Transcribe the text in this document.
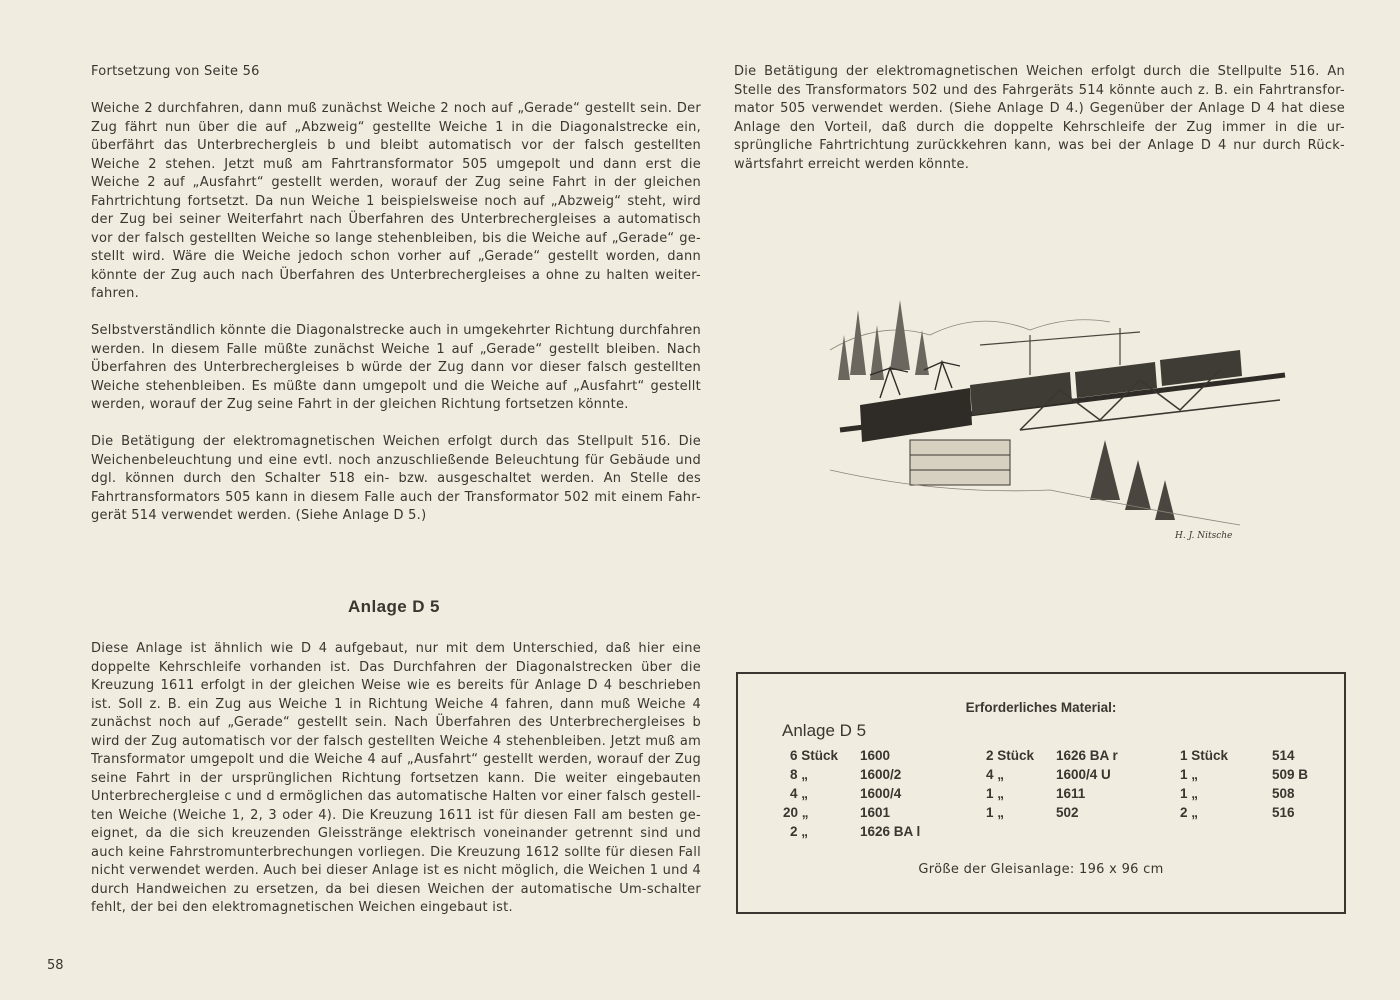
Fortsetzung von Seite 56

Weiche 2 durchfahren, dann muß zunächst Weiche 2 noch auf „Gerade“ gestellt sein. Der Zug fährt nun über die auf „Abzweig“ gestellte Weiche 1 in die Diagonalstrecke ein, überfährt das Unterbrechergleis b und bleibt automatisch vor der falsch gestellten Weiche 2 stehen. Jetzt muß am Fahrtransformator 505 umgepolt und dann erst die Weiche 2 auf „Ausfahrt“ gestellt werden, worauf der Zug seine Fahrt in der gleichen Fahrtrichtung fortsetzt. Da nun Weiche 1 beispielsweise noch auf „Abzweig“ steht, wird der Zug bei seiner Weiterfahrt nach Überfahren des Unterbrechergleises a automatisch vor der falsch gestellten Weiche so lange stehenbleiben, bis die Weiche auf „Gerade“ ge-stellt wird. Wäre die Weiche jedoch schon vorher auf „Gerade“ gestellt worden, dann könnte der Zug auch nach Überfahren des Unterbrechergleises a ohne zu halten weiter-fahren.

Selbstverständlich könnte die Diagonalstrecke auch in umgekehrter Richtung durchfahren werden. In diesem Falle müßte zunächst Weiche 1 auf „Gerade“ gestellt bleiben. Nach Überfahren des Unterbrechergleises b würde der Zug dann vor dieser falsch gestellten Weiche stehenbleiben. Es müßte dann umgepolt und die Weiche auf „Ausfahrt“ gestellt werden, worauf der Zug seine Fahrt in der gleichen Richtung fortsetzen könnte.

Die Betätigung der elektromagnetischen Weichen erfolgt durch das Stellpult 516. Die Weichenbeleuchtung und eine evtl. noch anzuschließende Beleuchtung für Gebäude und dgl. können durch den Schalter 518 ein- bzw. ausgeschaltet werden. An Stelle des Fahrtransformators 505 kann in diesem Falle auch der Transformator 502 mit einem Fahr-gerät 514 verwendet werden. (Siehe Anlage D 5.)

Anlage D 5

Diese Anlage ist ähnlich wie D 4 aufgebaut, nur mit dem Unterschied, daß hier eine doppelte Kehrschleife vorhanden ist. Das Durchfahren der Diagonalstrecken über die Kreuzung 1611 erfolgt in der gleichen Weise wie es bereits für Anlage D 4 beschrieben ist. Soll z. B. ein Zug aus Weiche 1 in Richtung Weiche 4 fahren, dann muß Weiche 4 zunächst noch auf „Gerade“ gestellt sein. Nach Überfahren des Unterbrechergleises b wird der Zug automatisch vor der falsch gestellten Weiche 4 stehenbleiben. Jetzt muß am Transformator umgepolt und die Weiche 4 auf „Ausfahrt“ gestellt werden, worauf der Zug seine Fahrt in der ursprünglichen Richtung fortsetzen kann. Die weiter eingebauten Unterbrechergleise c und d ermöglichen das automatische Halten vor einer falsch gestell-ten Weiche (Weiche 1, 2, 3 oder 4). Die Kreuzung 1611 ist für diesen Fall am besten ge-eignet, da die sich kreuzenden Gleisstränge elektrisch voneinander getrennt sind und auch keine Fahrstromunterbrechungen vorliegen. Die Kreuzung 1612 sollte für diesen Fall nicht verwendet werden. Auch bei dieser Anlage ist es nicht möglich, die Weichen 1 und 4 durch Handweichen zu ersetzen, da bei diesen Weichen der automatische Um-schalter fehlt, der bei den elektromagnetischen Weichen eingebaut ist.

Die Betätigung der elektromagnetischen Weichen erfolgt durch die Stellpulte 516. An Stelle des Transformators 502 und des Fahrgeräts 514 könnte auch z. B. ein Fahrtransfor-mator 505 verwendet werden. (Siehe Anlage D 4.) Gegenüber der Anlage D 4 hat diese Anlage den Vorteil, daß durch die doppelte Kehrschleife der Zug immer in die ur-sprüngliche Fahrtrichtung zurückkehren kann, was bei der Anlage D 4 nur durch Rück-wärtsfahrt erreicht werden könnte.

H. J. Nitsche
Erforderliches Material:
Anlage D 5
6 Stück	1600
8 „	1600/2
4 „	1600/4
20 „	1601
2 „	1626 BA l
2 Stück	1626 BA r
4 „	1600/4 U
1 „	1611
1 „	502
1 Stück	514
1 „	509 B
1 „	508
2 „	516
Größe der Gleisanlage: 196 x 96 cm
58
